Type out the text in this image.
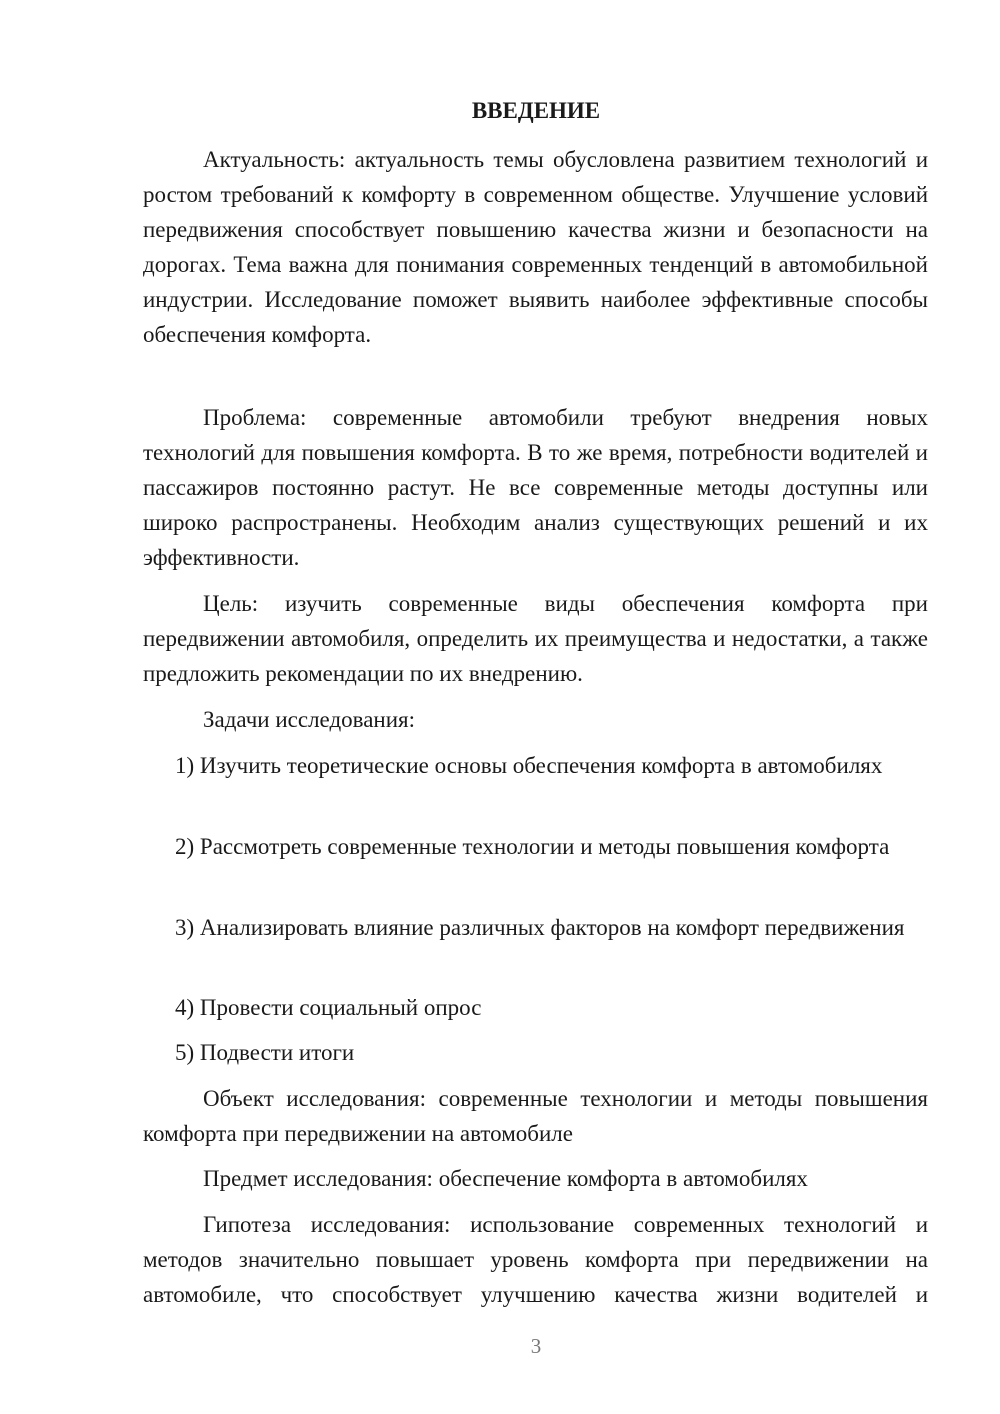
ВВЕДЕНИЕ

Актуальность: актуальность темы обусловлена развитием технологий и ростом требований к комфорту в современном обществе. Улучшение условий передвижения способствует повышению качества жизни и безопасности на дорогах. Тема важна для понимания современных тенденций в автомобильной индустрии. Исследование поможет выявить наиболее эффективные способы обеспечения комфорта.

Проблема: современные автомобили требуют внедрения новых технологий для повышения комфорта. В то же время, потребности водителей и пассажиров постоянно растут. Не все современные методы доступны или широко распространены. Необходим анализ существующих решений и их эффективности.

Цель: изучить современные виды обеспечения комфорта при передвижении автомобиля, определить их преимущества и недостатки, а также предложить рекомендации по их внедрению.

Задачи исследования:

1) Изучить теоретические основы обеспечения комфорта в автомобилях

2) Рассмотреть современные технологии и методы повышения комфорта

3) Анализировать влияние различных факторов на комфорт передвижения

4) Провести социальный опрос

5) Подвести итоги

Объект исследования: современные технологии и методы повышения комфорта при передвижении на автомобиле

Предмет исследования: обеспечение комфорта в автомобилях

Гипотеза исследования: использование современных технологий и методов значительно повышает уровень комфорта при передвижении на автомобиле, что способствует улучшению качества жизни водителей и

3
